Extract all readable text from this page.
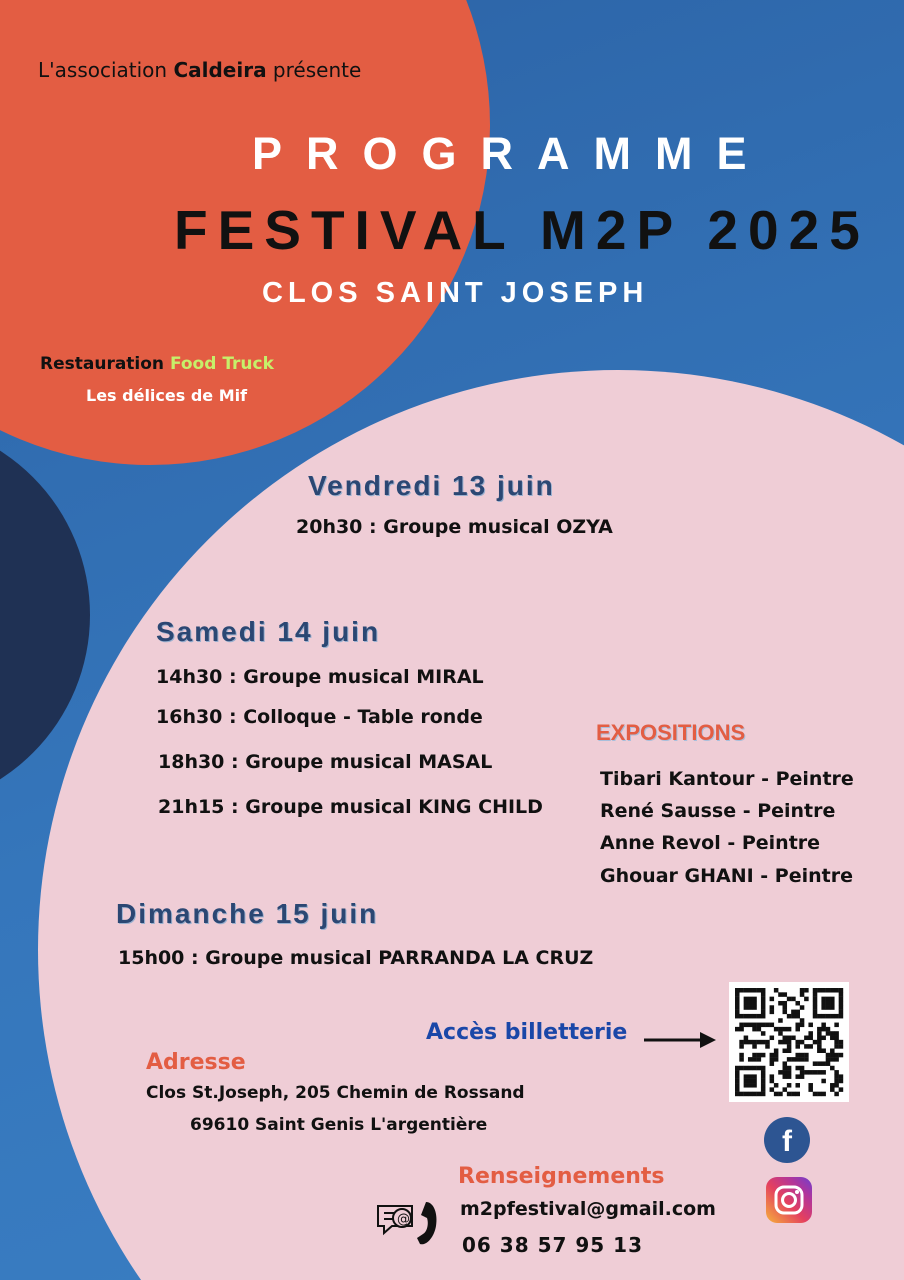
L'association Caldeira présente
PROGRAMME
FESTIVAL M2P 2025
CLOS SAINT JOSEPH
Restauration Food Truck
Les délices de Mif
Vendredi 13 juin
20h30 : Groupe musical OZYA
Samedi 14 juin
14h30 : Groupe musical MIRAL
16h30 : Colloque - Table ronde
18h30 : Groupe musical MASAL
21h15 : Groupe musical KING CHILD
EXPOSITIONS
Tibari Kantour - Peintre
René Sausse - Peintre
Anne Revol - Peintre
Ghouar GHANI - Peintre
Dimanche 15 juin
15h00 : Groupe musical PARRANDA LA CRUZ
Accès billetterie
Adresse
Clos St.Joseph, 205 Chemin de Rossand
69610 Saint Genis L'argentière	f
@
Renseignements
m2pfestival@gmail.com
06 38 57 95 13
